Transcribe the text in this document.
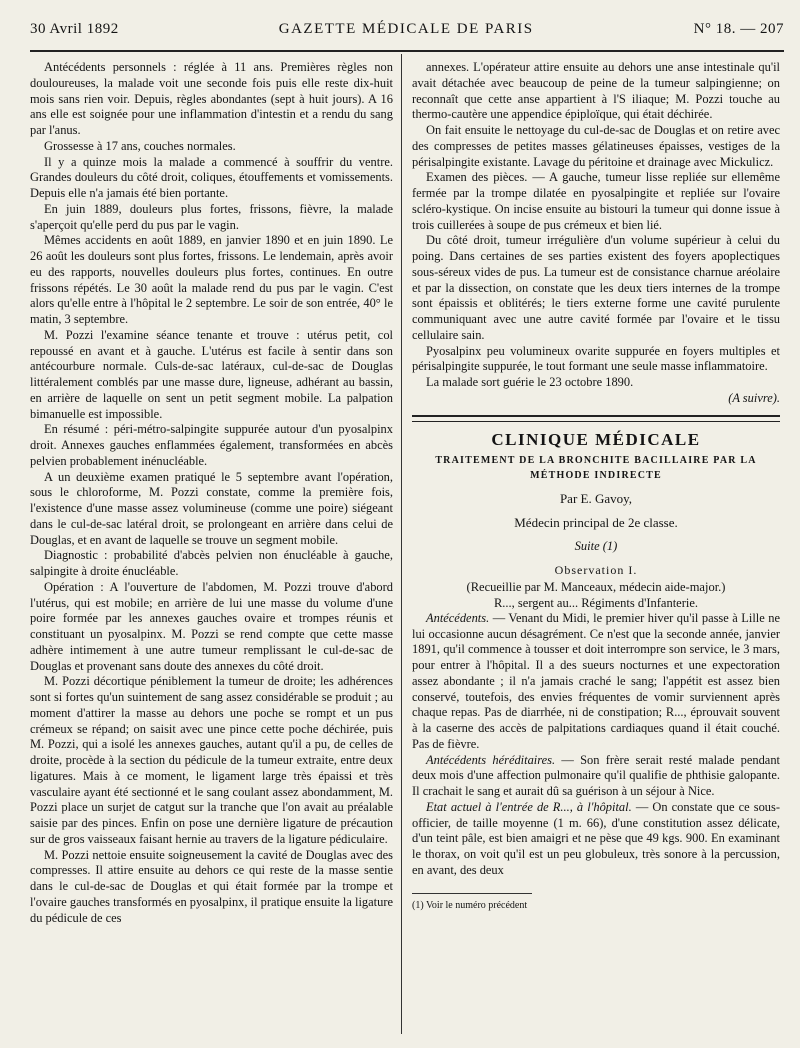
30 Avril 1892	GAZETTE MÉDICALE DE PARIS	N° 18. — 207

Antécédents personnels : réglée à 11 ans. Premières règles non douloureuses, la malade voit une seconde fois puis elle reste dix-huit mois sans rien voir. Depuis, règles abondantes (sept à huit jours). A 16 ans elle est soignée pour une inflammation d'intestin et a rendu du sang par l'anus.

Grossesse à 17 ans, couches normales.

Il y a quinze mois la malade a commencé à souffrir du ventre. Grandes douleurs du côté droit, coliques, étouffements et vomissements. Depuis elle n'a jamais été bien portante.

En juin 1889, douleurs plus fortes, frissons, fièvre, la malade s'aperçoit qu'elle perd du pus par le vagin.

Mêmes accidents en août 1889, en janvier 1890 et en juin 1890. Le 26 août les douleurs sont plus fortes, frissons. Le lendemain, après avoir eu des rapports, nouvelles douleurs plus fortes, continues. En outre frissons répétés. Le 30 août la malade rend du pus par le vagin. C'est alors qu'elle entre à l'hôpital le 2 septembre. Le soir de son entrée, 40° le matin, 3 septembre.

M. Pozzi l'examine séance tenante et trouve : utérus petit, col repoussé en avant et à gauche. L'utérus est facile à sentir dans son antécourbure normale. Culs-de-sac latéraux, cul-de-sac de Douglas littéralement comblés par une masse dure, ligneuse, adhérant au bassin, en arrière de laquelle on sent un petit segment mobile. La palpation bimanuelle est impossible.

En résumé : péri-métro-salpingite suppurée autour d'un pyosalpinx droit. Annexes gauches enflammées également, transformées en abcès pelvien probablement inénucléable.

A un deuxième examen pratiqué le 5 septembre avant l'opération, sous le chloroforme, M. Pozzi constate, comme la première fois, l'existence d'une masse assez volumineuse (comme une poire) siégeant dans le cul-de-sac latéral droit, se prolongeant en arrière dans celui de Douglas, et en avant de laquelle se trouve un segment mobile.

Diagnostic : probabilité d'abcès pelvien non énucléable à gauche, salpingite à droite énucléable.

Opération : A l'ouverture de l'abdomen, M. Pozzi trouve d'abord l'utérus, qui est mobile; en arrière de lui une masse du volume d'une poire formée par les annexes gauches ovaire et trompes réunis et constituant un pyosalpinx. M. Pozzi se rend compte que cette masse adhère intimement à une autre tumeur remplissant le cul-de-sac de Douglas et provenant sans doute des annexes du côté droit.

M. Pozzi décortique péniblement la tumeur de droite; les adhérences sont si fortes qu'un suintement de sang assez considérable se produit ; au moment d'attirer la masse au dehors une poche se rompt et un pus crémeux se répand; on saisit avec une pince cette poche déchirée, puis M. Pozzi, qui a isolé les annexes gauches, autant qu'il a pu, de celles de droite, procède à la section du pédicule de la tumeur extraite, entre deux ligatures. Mais à ce moment, le ligament large très épaissi et très vasculaire ayant été sectionné et le sang coulant assez abondamment, M. Pozzi place un surjet de catgut sur la tranche que l'on avait au préalable saisie par des pinces. Enfin on pose une dernière ligature de précaution sur de gros vaisseaux faisant hernie au travers de la ligature pédiculaire.

M. Pozzi nettoie ensuite soigneusement la cavité de Douglas avec des compresses. Il attire ensuite au dehors ce qui reste de la masse sentie dans le cul-de-sac de Douglas et qui était formée par la trompe et l'ovaire gauches transformés en pyosalpinx, il pratique ensuite la ligature du pédicule de ces

annexes. L'opérateur attire ensuite au dehors une anse intestinale qu'il avait détachée avec beaucoup de peine de la tumeur salpingienne; on reconnaît que cette anse appartient à l'S iliaque; M. Pozzi touche au thermo-cautère une appendice épiploïque, qui était déchirée.

On fait ensuite le nettoyage du cul-de-sac de Douglas et on retire avec des compresses de petites masses gélatineuses épaisses, vestiges de la périsalpingite existante. Lavage du péritoine et drainage avec Mickulicz.

Examen des pièces. — A gauche, tumeur lisse repliée sur ellemême fermée par la trompe dilatée en pyosalpingite et repliée sur l'ovaire scléro-kystique. On incise ensuite au bistouri la tumeur qui donne issue à trois cuillerées à soupe de pus crémeux et bien lié.

Du côté droit, tumeur irrégulière d'un volume supérieur à celui du poing. Dans certaines de ses parties existent des foyers apoplectiques sous-séreux vides de pus. La tumeur est de consistance charnue aréolaire et par la dissection, on constate que les deux tiers internes de la trompe sont épaissis et oblitérés; le tiers externe forme une cavité purulente communiquant avec une autre cavité formée par l'ovaire et le tissu cellulaire sain.

Pyosalpinx peu volumineux ovarite suppurée en foyers multiples et périsalpingite suppurée, le tout formant une seule masse inflammatoire.

La malade sort guérie le 23 octobre 1890.

(A suivre).

CLINIQUE MÉDICALE
TRAITEMENT DE LA BRONCHITE BACILLAIRE PAR LA
MÉTHODE INDIRECTE
Par E. Gavoy,
Médecin principal de 2e classe.
Suite (1)
Observation I.
(Recueillie par M. Manceaux, médecin aide-major.)
R..., sergent au... Régiments d'Infanterie.

Antécédents. — Venant du Midi, le premier hiver qu'il passe à Lille ne lui occasionne aucun désagrément. Ce n'est que la seconde année, janvier 1891, qu'il commence à tousser et doit interrompre son service, le 3 mars, pour entrer à l'hôpital. Il a des sueurs nocturnes et une expectoration assez abondante ; il n'a jamais craché le sang; l'appétit est assez bien conservé, toutefois, des envies fréquentes de vomir surviennent après chaque repas. Pas de diarrhée, ni de constipation; R..., éprouvait souvent à la caserne des accès de palpitations cardiaques quand il était couché. Pas de fièvre.

Antécédents héréditaires. — Son frère serait resté malade pendant deux mois d'une affection pulmonaire qu'il qualifie de phthisie galopante. Il crachait le sang et aurait dû sa guérison à un séjour à Nice.

Etat actuel à l'entrée de R..., à l'hôpital. — On constate que ce sous-officier, de taille moyenne (1 m. 66), d'une constitution assez délicate, d'un teint pâle, est bien amaigri et ne pèse que 49 kgs. 900. En examinant le thorax, on voit qu'il est un peu globuleux, très sonore à la percussion, en avant, des deux

(1) Voir le numéro précédent
